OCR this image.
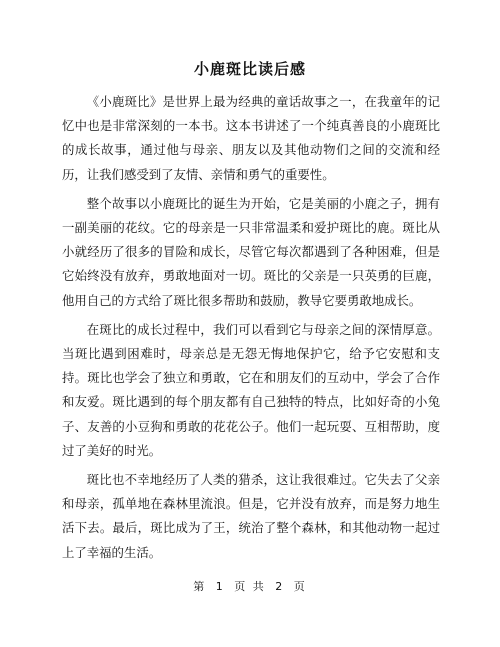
小鹿斑比读后感

《小鹿斑比》是世界上最为经典的童话故事之一，在我童年的记忆中也是非常深刻的一本书。这本书讲述了一个纯真善良的小鹿斑比的成长故事，通过他与母亲、朋友以及其他动物们之间的交流和经历，让我们感受到了友情、亲情和勇气的重要性。

整个故事以小鹿斑比的诞生为开始，它是美丽的小鹿之子，拥有一副美丽的花纹。它的母亲是一只非常温柔和爱护斑比的鹿。斑比从小就经历了很多的冒险和成长，尽管它每次都遇到了各种困难，但是它始终没有放弃，勇敢地面对一切。斑比的父亲是一只英勇的巨鹿，他用自己的方式给了斑比很多帮助和鼓励，教导它要勇敢地成长。

在斑比的成长过程中，我们可以看到它与母亲之间的深情厚意。当斑比遇到困难时，母亲总是无怨无悔地保护它，给予它安慰和支持。斑比也学会了独立和勇敢，它在和朋友们的互动中，学会了合作和友爱。斑比遇到的每个朋友都有自己独特的特点，比如好奇的小兔子、友善的小豆狗和勇敢的花花公子。他们一起玩耍、互相帮助，度过了美好的时光。

斑比也不幸地经历了人类的猎杀，这让我很难过。它失去了父亲和母亲，孤单地在森林里流浪。但是，它并没有放弃，而是努力地生活下去。最后，斑比成为了王，统治了整个森林，和其他动物一起过上了幸福的生活。

第 1 页 共 2 页
